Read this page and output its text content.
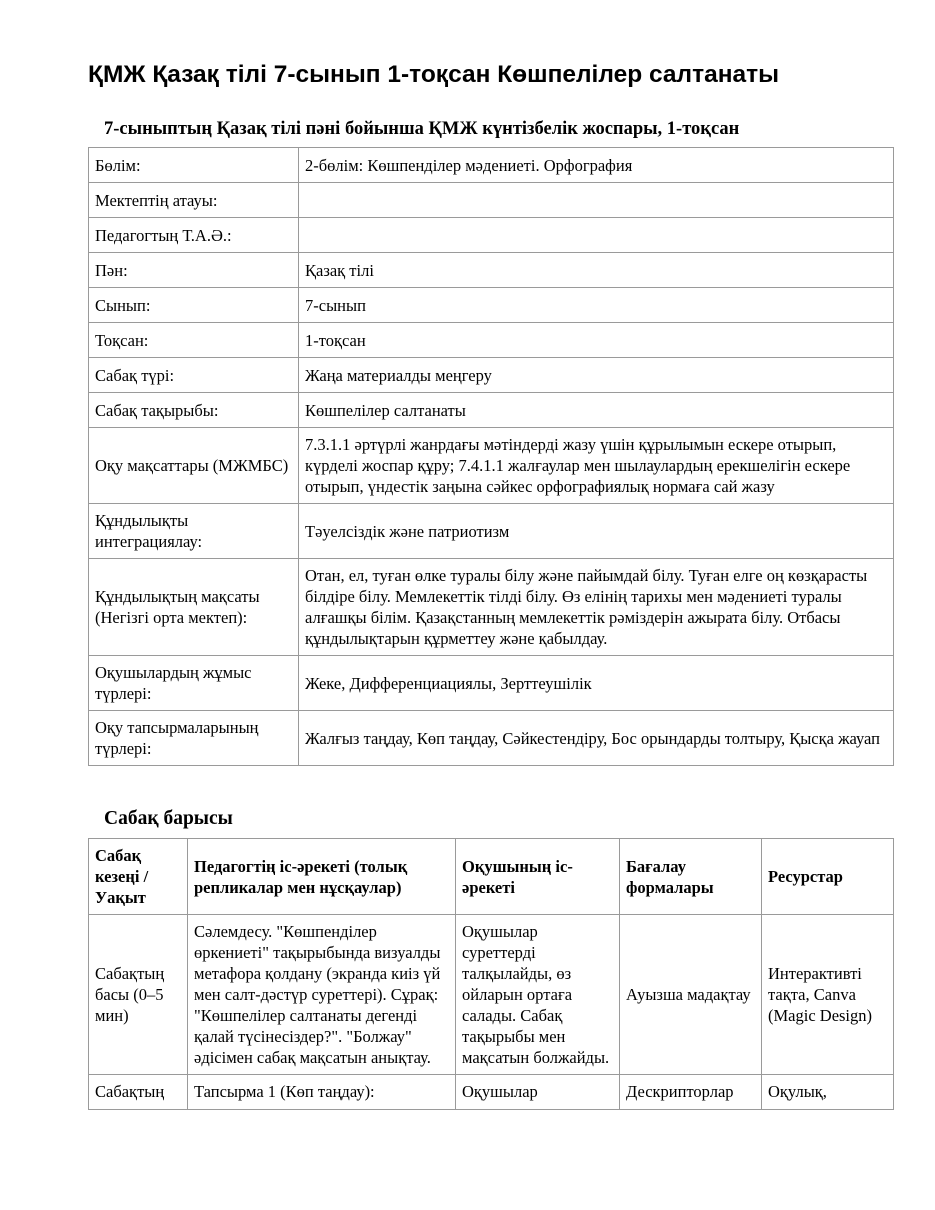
ҚМЖ Қазақ тілі 7-сынып 1-тоқсан Көшпелілер салтанаты
7-сыныптың Қазақ тілі пәні бойынша ҚМЖ күнтізбелік жоспары, 1-тоқсан
Бөлім:	2-бөлім: Көшпенділер мәдениеті. Орфография
Мектептің атауы:	
Педагогтың Т.А.Ә.:	
Пән:	Қазақ тілі
Сынып:	7-сынып
Тоқсан:	1-тоқсан
Сабақ түрі:	Жаңа материалды меңгеру
Сабақ тақырыбы:	Көшпелілер салтанаты
Оқу мақсаттары (МЖМБС)	7.3.1.1 әртүрлі жанрдағы мәтіндерді жазу үшін құрылымын ескере отырып, күрделі жоспар құру; 7.4.1.1 жалғаулар мен шылаулардың ерекшелігін ескере отырып, үндестік заңына сәйкес орфографиялық нормаға сай жазу
Құндылықты интеграциялау:	Тәуелсіздік және патриотизм
Құндылықтың мақсаты (Негізгі орта мектеп):	Отан, ел, туған өлке туралы білу және пайымдай білу. Туған елге оң көзқарасты білдіре білу. Мемлекеттік тілді білу. Өз елінің тарихы мен мәдениеті туралы алғашқы білім. Қазақстанның мемлекеттік рәміздерін ажырата білу. Отбасы құндылықтарын құрметтеу және қабылдау.
Оқушылардың жұмыс түрлері:	Жеке, Дифференциациялы, Зерттеушілік
Оқу тапсырмаларының түрлері:	Жалғыз таңдау, Көп таңдау, Сәйкестендіру, Бос орындарды толтыру, Қысқа жауап
Сабақ барысы
Сабақ кезеңі / Уақыт	Педагогтің іс-әрекеті (толық репликалар мен нұсқаулар)	Оқушының іс-әрекеті	Бағалау формалары	Ресурстар
Сабақтың басы (0–5 мин)	Сәлемдесу. "Көшпенділер өркениеті" тақырыбында визуалды метафора қолдану (экранда киіз үй мен салт-дәстүр суреттері). Сұрақ: "Көшпелілер салтанаты дегенді қалай түсінесіздер?". "Болжау" әдісімен сабақ мақсатын анықтау.	Оқушылар суреттерді талқылайды, өз ойларын ортаға салады. Сабақ тақырыбы мен мақсатын болжайды.	Ауызша мадақтау	Интерактивті тақта, Canva (Magic Design)
Сабақтың	Тапсырма 1 (Көп таңдау):	Оқушылар	Дескрипторлар	Оқулық,
